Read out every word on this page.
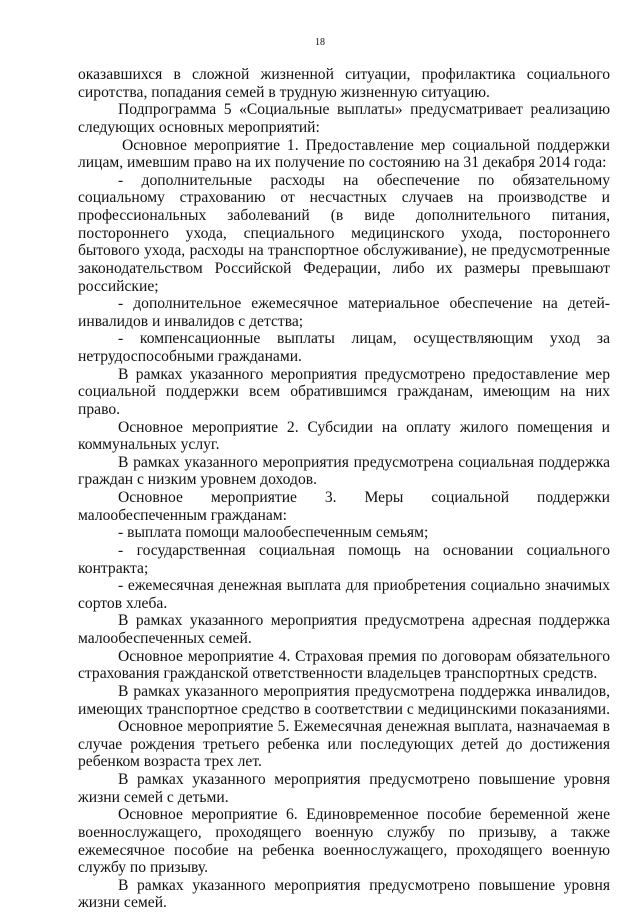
18

оказавшихся в сложной жизненной ситуации, профилактика социального сиротства, попадания семей в трудную жизненную ситуацию.

Подпрограмма 5 «Социальные выплаты» предусматривает реализацию следующих основных мероприятий:

Основное мероприятие 1. Предоставление мер социальной поддержки лицам, имевшим право на их получение по состоянию на 31 декабря 2014 года:

- дополнительные расходы на обеспечение по обязательному социальному страхованию от несчастных случаев на производстве и профессиональных заболеваний (в виде дополнительного питания, постороннего ухода, специального медицинского ухода, постороннего бытового ухода, расходы на транспортное обслуживание), не предусмотренные законодательством Российской Федерации, либо их размеры превышают российские;

- дополнительное ежемесячное материальное обеспечение на детей-инвалидов и инвалидов с детства;

- компенсационные выплаты лицам, осуществляющим уход за нетрудоспособными гражданами.

В рамках указанного мероприятия предусмотрено предоставление мер социальной поддержки всем обратившимся гражданам, имеющим на них право.

Основное мероприятие 2. Субсидии на оплату жилого помещения и коммунальных услуг.

В рамках указанного мероприятия предусмотрена социальная поддержка граждан с низким уровнем доходов.

Основное мероприятие 3. Меры социальной поддержки малообеспеченным гражданам:

- выплата помощи малообеспеченным семьям;

- государственная социальная помощь на основании социального контракта;

- ежемесячная денежная выплата для приобретения социально значимых сортов хлеба.

В рамках указанного мероприятия предусмотрена адресная поддержка малообеспеченных семей.

Основное мероприятие 4. Страховая премия по договорам обязательного страхования гражданской ответственности владельцев транспортных средств.

В рамках указанного мероприятия предусмотрена поддержка инвалидов, имеющих транспортное средство в соответствии с медицинскими показаниями.

Основное мероприятие 5. Ежемесячная денежная выплата, назначаемая в случае рождения третьего ребенка или последующих детей до достижения ребенком возраста трех лет.

В рамках указанного мероприятия предусмотрено повышение уровня жизни семей с детьми.

Основное мероприятие 6. Единовременное пособие беременной жене военнослужащего, проходящего военную службу по призыву, а также ежемесячное пособие на ребенка военнослужащего, проходящего военную службу по призыву.

В рамках указанного мероприятия предусмотрено повышение уровня жизни семей.
